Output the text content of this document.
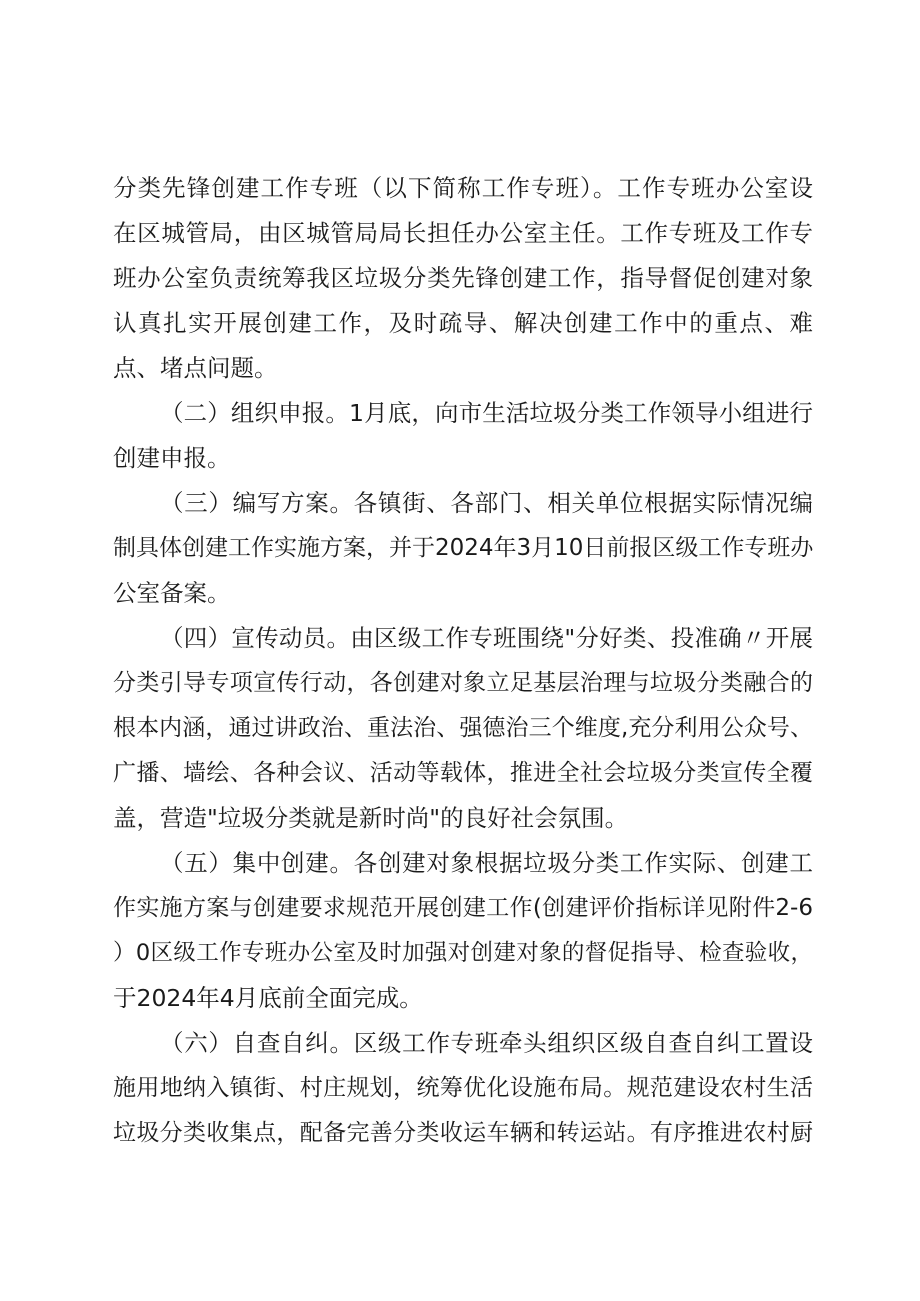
分类先锋创建工作专班（以下简称工作专班）。工作专班办公室设
在区城管局，由区城管局局长担任办公室主任。工作专班及工作专
班办公室负责统筹我区垃圾分类先锋创建工作，指导督促创建对象
认真扎实开展创建工作，及时疏导、解决创建工作中的重点、难
点、堵点问题。
（二）组织申报。1月底，向市生活垃圾分类工作领导小组进行
创建申报。
（三）编写方案。各镇街、各部门、相关单位根据实际情况编
制具体创建工作实施方案，并于2024年3月10日前报区级工作专班办
公室备案。
（四）宣传动员。由区级工作专班围绕"分好类、投准确〃开展
分类引导专项宣传行动，各创建对象立足基层治理与垃圾分类融合的
根本内涵，通过讲政治、重法治、强德治三个维度,充分利用公众号、
广播、墙绘、各种会议、活动等载体，推进全社会垃圾分类宣传全覆
盖，营造"垃圾分类就是新时尚"的良好社会氛围。
（五）集中创建。各创建对象根据垃圾分类工作实际、创建工
作实施方案与创建要求规范开展创建工作(创建评价指标详见附件2-6
）0区级工作专班办公室及时加强对创建对象的督促指导、检查验收，
于2024年4月底前全面完成。
（六）自查自纠。区级工作专班牵头组织区级自查自纠工置设
施用地纳入镇街、村庄规划，统筹优化设施布局。规范建设农村生活
垃圾分类收集点，配备完善分类收运车辆和转运站。有序推进农村厨
